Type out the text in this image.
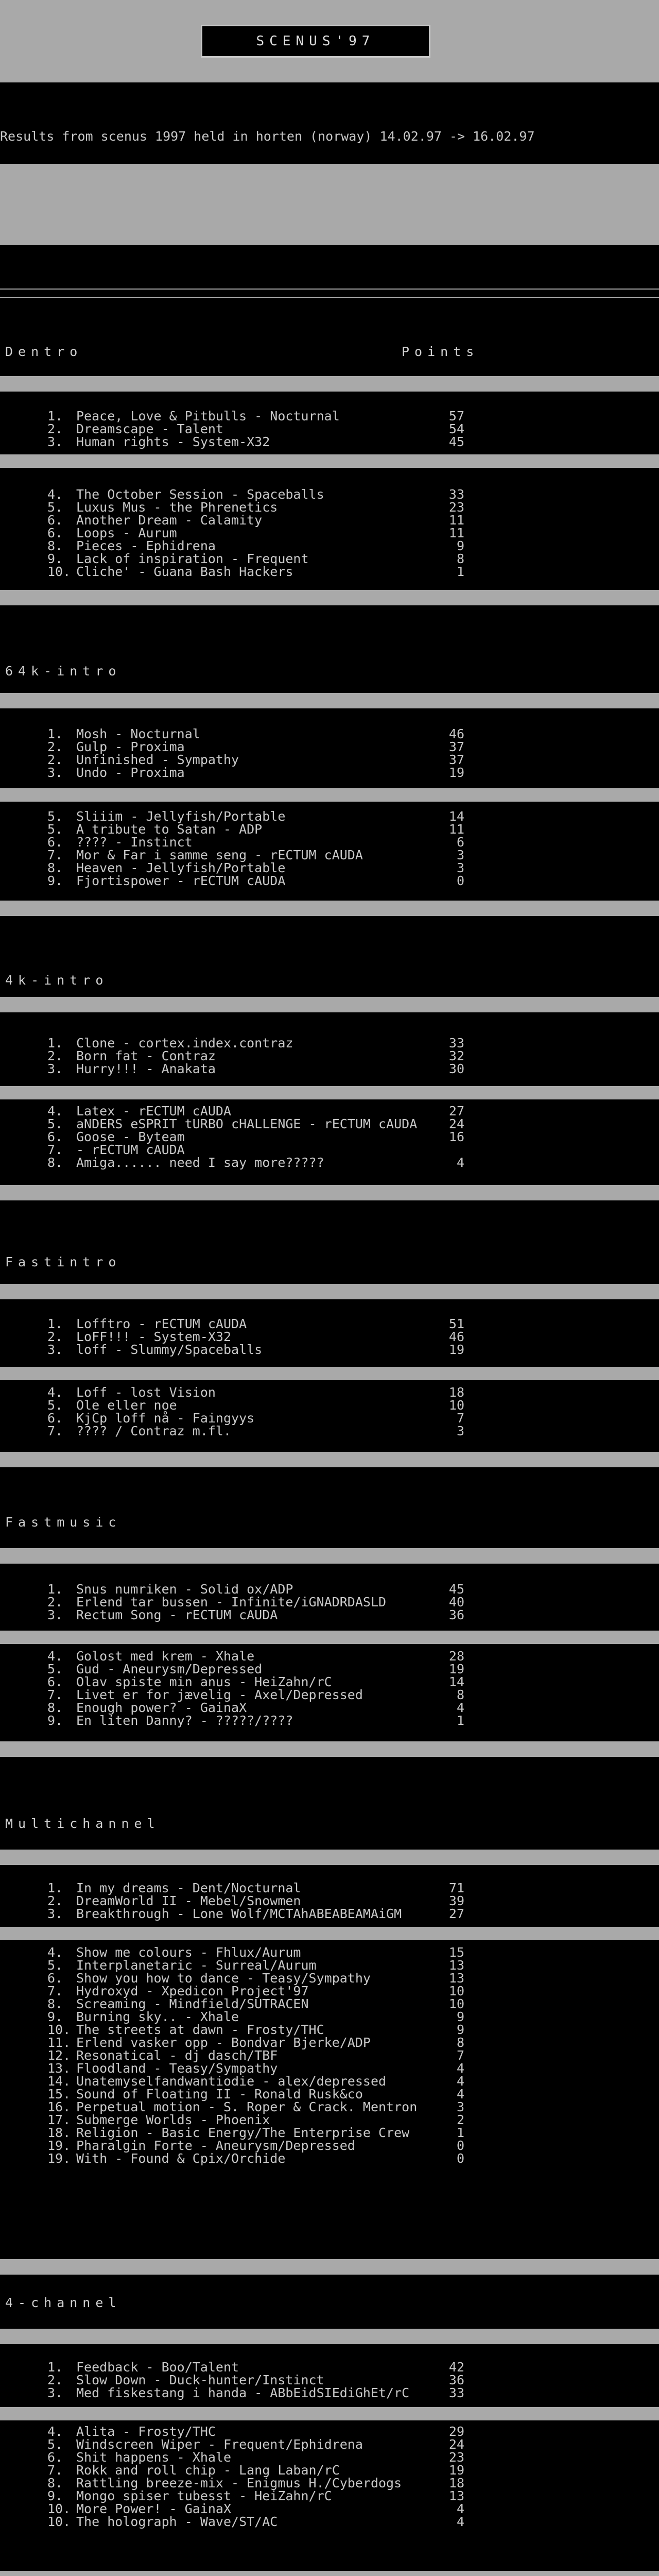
SCENUS'97
Results from scenus 1997 held in horten (norway) 14.02.97 -> 16.02.97
Dentro	Points
1. Peace, Love & Pitbulls - Nocturnal	57
2. Dreamscape - Talent	54
3. Human rights - System-X32	45
4. The October Session - Spaceballs	33
5. Luxus Mus - the Phrenetics	23
6. Another Dream - Calamity	11
6. Loops - Aurum	11
8. Pieces - Ephidrena	9
9. Lack of inspiration - Frequent	8
10. Cliche' - Guana Bash Hackers	1
64k-intro
1. Mosh - Nocturnal	46
2. Gulp - Proxima	37
2. Unfinished - Sympathy	37
3. Undo - Proxima	19
5. Sliiim - Jellyfish/Portable	14
5. A tribute to Satan - ADP	11
6. ???? - Instinct	6
7. Mor & Far i samme seng - rECTUM cAUDA	3
8. Heaven - Jellyfish/Portable	3
9. Fjortispower - rECTUM cAUDA	0
4k-intro
1. Clone - cortex.index.contraz	33
2. Born fat - Contraz	32
3. Hurry!!! - Anakata	30
4. Latex - rECTUM cAUDA	27
5. aNDERS eSPRIT tURBO cHALLENGE - rECTUM cAUDA 24
6. Goose - Byteam	16
7. - rECTUM cAUDA
8. Amiga...... need I say more?????	4
Fastintro
1. Lofftro - rECTUM cAUDA	51
2. LoFF!!! - System-X32	46
3. loff - Slummy/Spaceballs	19
4. Loff - lost Vision	18
5. Ole eller noe	10
6. KjCp loff nå - Faingyys	7
7. ???? / Contraz m.fl.	3
Fastmusic
1. Snus numriken - Solid ox/ADP	45
2. Erlend tar bussen - Infinite/iGNADRDASLD	40
3. Rectum Song - rECTUM cAUDA	36
4. Golost med krem - Xhale	28
5. Gud - Aneurysm/Depressed	19
6. Olav spiste min anus - HeiZahn/rC	14
7. Livet er for jævelig - Axel/Depressed	8
8. Enough power? - GainaX	4
9. En liten Danny? - ?????/????	1
Multichannel
1. In my dreams - Dent/Nocturnal	71
2. DreamWorld II - Mebel/Snowmen	39
3. Breakthrough - Lone Wolf/MCTAhABEABEAMAiGM	27
4. Show me colours - Fhlux/Aurum	15
5. Interplanetaric - Surreal/Aurum	13
6. Show you how to dance - Teasy/Sympathy	13
7. Hydroxyd - Xpedicon Project'97	10
8. Screaming - Mindfield/SUTRACEN	10
9. Burning sky.. - Xhale	9
10. The streets at dawn - Frosty/THC	9
11. Erlend vasker opp - Bondvar Bjerke/ADP	8
12. Resonatical - dj dasch/TBF	7
13. Floodland - Teasy/Sympathy	4
14. Unatemyselfandwantiodie - alex/depressed	4
15. Sound of Floating II - Ronald Rusk&co	4
16. Perpetual motion - S. Roper & Crack. Mentron	3
17. Submerge Worlds - Phoenix	2
18. Religion - Basic Energy/The Enterprise Crew	1
19. Pharalgin Forte - Aneurysm/Depressed	0
19. With - Found & Cpix/Orchide	0
4-channel
1. Feedback - Boo/Talent	42
2. Slow Down - Duck-hunter/Instinct	36
3. Med fiskestang i handa - ABbEidSIEdiGhEt/rC	33
4. Alita - Frosty/THC	29
5. Windscreen Wiper - Frequent/Ephidrena	24
6. Shit happens - Xhale	23
7. Rokk and roll chip - Lang Laban/rC	19
8. Rattling breeze-mix - Enigmus H./Cyberdogs	18
9. Mongo spiser tubesst - HeiZahn/rC	13
10. More Power! - GainaX	4
10. The holograph - Wave/ST/AC	4
